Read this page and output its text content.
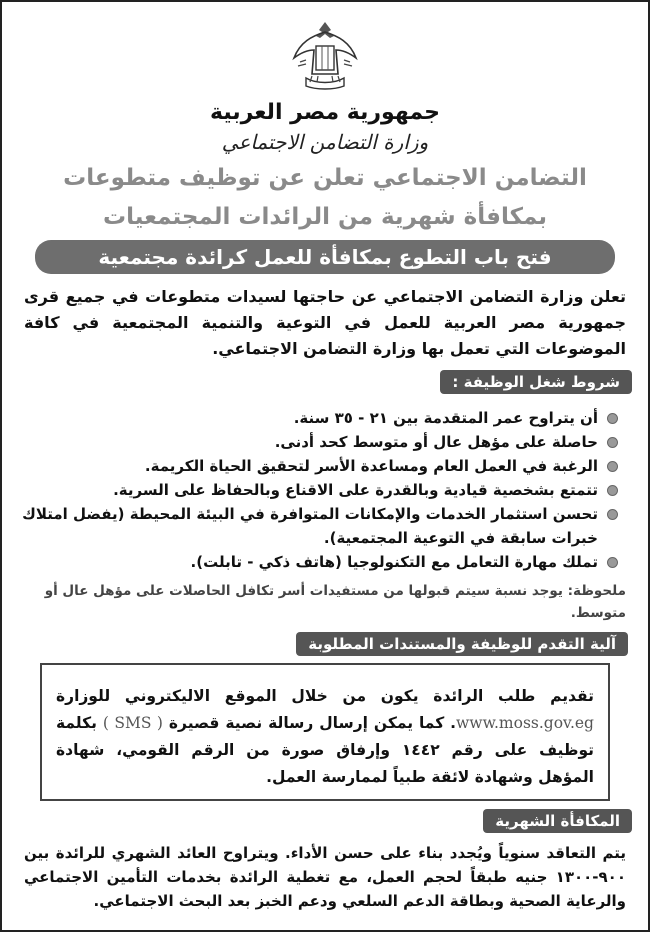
جمهورية مصر العربية
وزارة التضامن الاجتماعي
التضامن الاجتماعي تعلن عن توظيف متطوعات
بمكافأة شهرية من الرائدات المجتمعيات
فتح باب التطوع بمكافأة للعمل كرائدة مجتمعية

تعلن وزارة التضامن الاجتماعي عن حاجتها لسيدات متطوعات في جميع قرى جمهورية مصر العربية للعمل في التوعية والتنمية المجتمعية في كافة الموضوعات التي تعمل بها وزارة التضامن الاجتماعي.

شروط شغل الوظيفة :
أن يتراوح عمر المتقدمة بين ٢١ - ٣٥ سنة.
حاصلة على مؤهل عال أو متوسط كحد أدنى.
الرغبة في العمل العام ومساعدة الأسر لتحقيق الحياة الكريمة.
تتمتع بشخصية قيادية وبالقدرة على الاقناع وبالحفاظ على السرية.
تحسن استثمار الخدمات والإمكانات المتوافرة في البيئة المحيطة (يفضل امتلاك خبرات سابقة في التوعية المجتمعية).
تملك مهارة التعامل مع التكنولوجيا (هاتف ذكي - تابلت).

ملحوظة: يوجد نسبة سيتم قبولها من مستفيدات أسر تكافل الحاصلات على مؤهل عال أو متوسط.

آلية التقدم للوظيفة والمستندات المطلوبة
تقديم طلب الرائدة يكون من خلال الموقع الاليكتروني للوزارة www.moss.gov.eg. كما يمكن إرسال رسالة نصية قصيرة ( SMS ) بكلمة توظيف على رقم ١٤٤٢ وإرفاق صورة من الرقم القومي، شهادة المؤهل وشهادة لائقة طبياً لممارسة العمل.
المكافأة الشهرية

يتم التعاقد سنوياً ويُجدد بناء على حسن الأداء. ويتراوح العائد الشهري للرائدة بين ٩٠٠-١٣٠٠ جنيه طبقاً لحجم العمل، مع تغطية الرائدة بخدمات التأمين الاجتماعي والرعاية الصحية وبطاقة الدعم السلعي ودعم الخبز بعد البحث الاجتماعي.
